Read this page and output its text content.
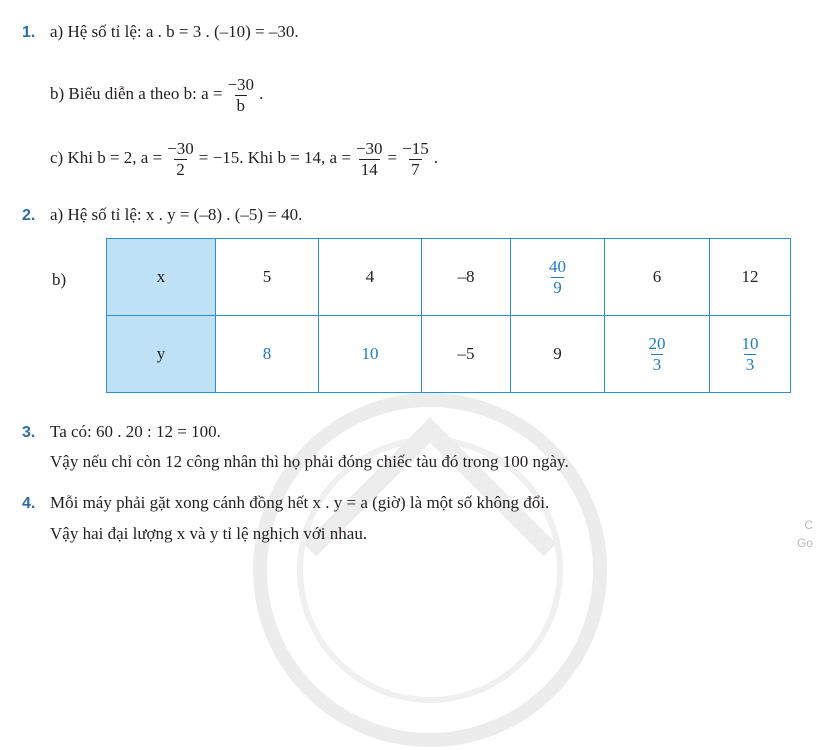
1. a) Hệ số tỉ lệ: a . b = 3 . (–10) = –30.
b) Biểu diễn a theo b: $a = \frac{-30}{b}$ .
c) Khi b = 2, $a = \frac{-30}{2} = -15$. Khi b = 14, $a = \frac{-30}{14} = \frac{-15}{7}$ .
2. a) Hệ số tỉ lệ: x . y = (–8) . (–5) = 40.
b)	x	5	4	–8	$\frac{40}{9}$	6	12
y	8	10	–5	9	$\frac{20}{3}$	$\frac{10}{3}$
3. Ta có: 60 . 20 : 12 = 100.
Vậy nếu chỉ còn 12 công nhân thì họ phải đóng chiếc tàu đó trong 100 ngày.
4. Mỗi máy phải gặt xong cánh đồng hết x . y = a (giờ) là một số không đổi.
Vậy hai đại lượng x và y tỉ lệ nghịch với nhau.	C
Go
